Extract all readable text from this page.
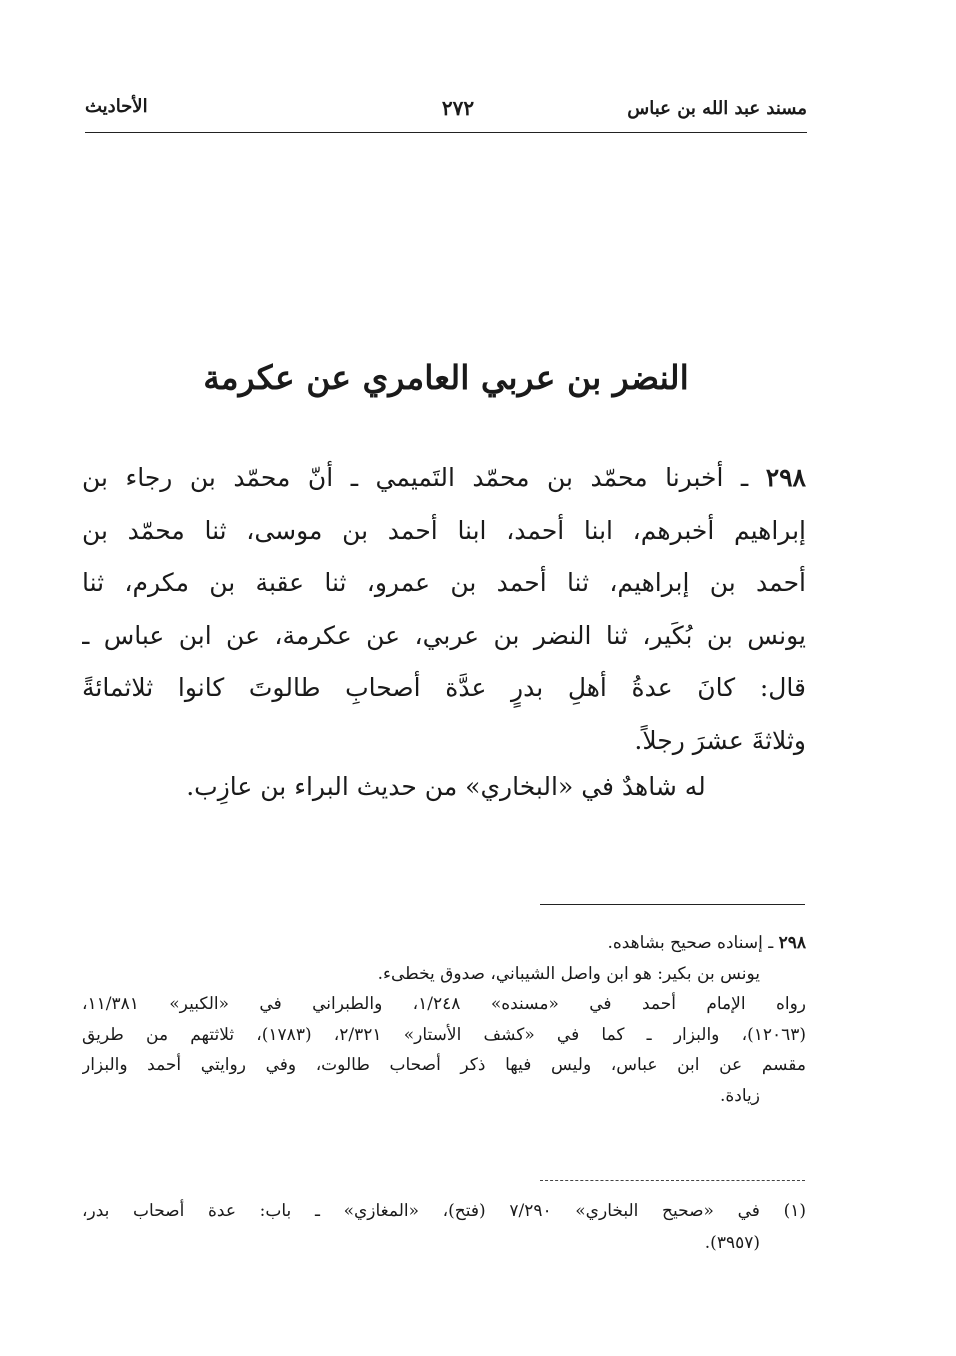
مسند عبد الله بن عباس
٢٧٢
الأحاديث
النضر بن عربي العامري عن عكرمة
٢٩٨ ـ أخبرنا محمّد بن محمّد التَميمي ـ أنّ محمّد بن رجاء بن
إبراهيم أخبرهم، ابنا أحمد، ابنا أحمد بن موسى، ثنا محمّد بن
أحمد بن إبراهيم، ثنا أحمد بن عمرو، ثنا عقبة بن مكرم، ثنا
يونس بن بُكَير، ثنا النضر بن عربي، عن عكرمة، عن ابن عباس ـ
قال: كانَ عدةُ أهلِ بدرٍ عدَّة أصحابِ طالوتَ كانوا ثلاثمائةً
وثلاثةَ عشرَ رجلاً.
له شاهدٌ في «البخاري» من حديث البراء بن عازِب.
٢٩٨ ـ إسناده صحيح بشاهده.
يونس بن بكير: هو ابن واصل الشيباني، صدوق يخطىء.
رواه الإمام أحمد في «مسنده» ١/٢٤٨، والطبراني في «الكبير» ١١/٣٨١،
(١٢٠٦٣)، والبزار ـ كما في «كشف الأستار» ٢/٣٢١، (١٧٨٣)، ثلاثتهم من طريق
مقسم عن ابن عباس، وليس فيها ذكر أصحاب طالوت، وفي روايتي أحمد والبزار
زيادة.
(١) في «صحيح البخاري» ٧/٢٩٠ (فتح)، «المغازي» ـ باب: عدة أصحاب بدر،
(٣٩٥٧).
